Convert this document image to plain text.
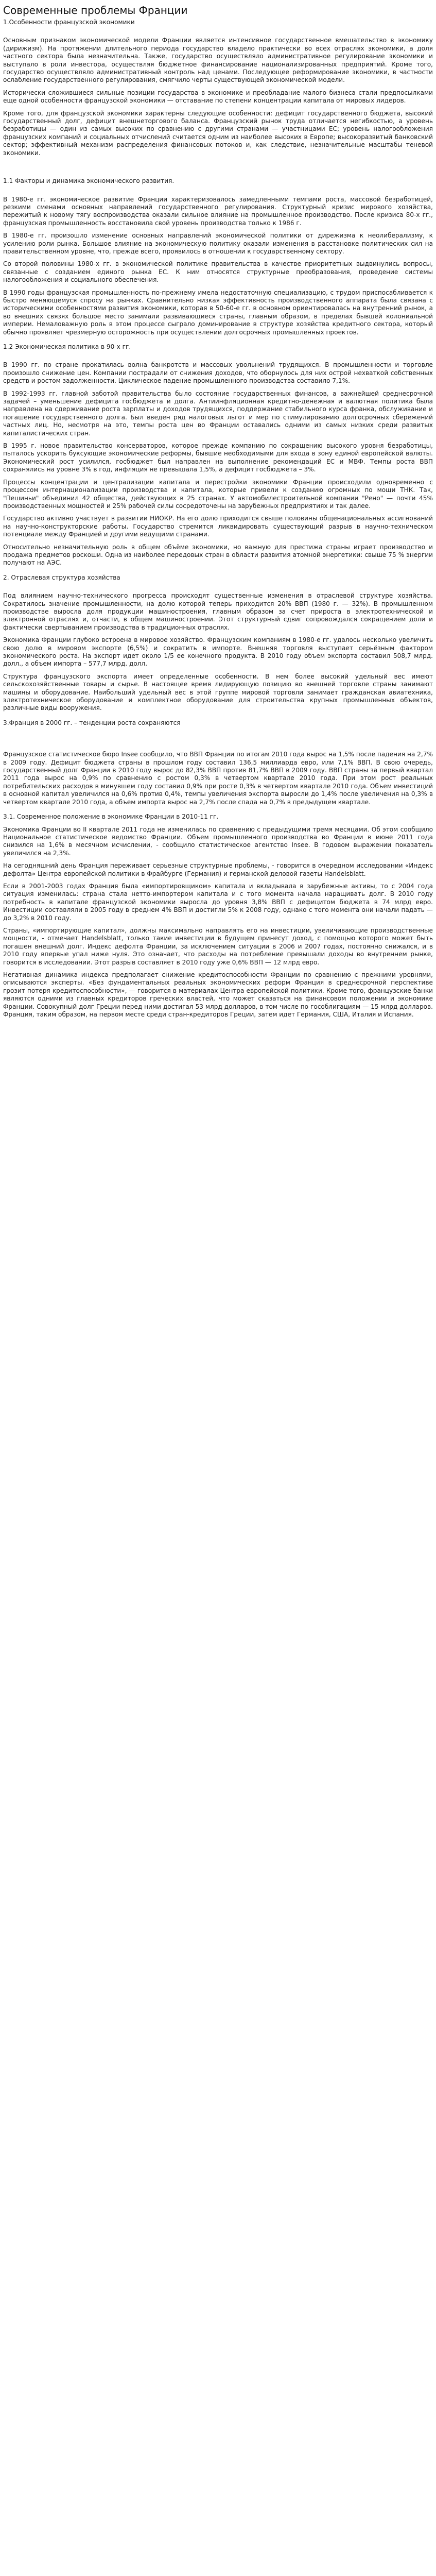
Современные проблемы Франции

1.Особенности французской экономики

Основным признаком экономической модели Франции является интенсивное государственное вмешательство в экономику (дирижизм). На протяжении длительного периода государство владело практически во всех отраслях экономики, а доля частного сектора была незначительна. Также, государство осуществляло административное регулирование экономики и выступало в роли инвестора, осуществляя бюджетное финансирование национализированных предприятий. Кроме того, государство осуществляло административный контроль над ценами. Последующее реформирование экономики, в частности ослабление государственного регулирования, смягчило черты существующей экономической модели.

Исторически сложившиеся сильные позиции государства в экономике и преобладание малого бизнеса стали предпосылками еще одной особенности французской экономики — отставание по степени концентрации капитала от мировых лидеров.

Кроме того, для французской экономики характерны следующие особенности: дефицит государственного бюджета, высокий государственный долг, дефицит внешнеторгового баланса. Французский рынок труда отличается негибкостью, а уровень безработицы — один из самых высоких по сравнению с другими странами — участницами ЕС; уровень налогообложения французских компаний и социальных отчислений считается одним из наиболее высоких в Европе; высокоразвитый банковский сектор; эффективный механизм распределения финансовых потоков и, как следствие, незначительные масштабы теневой экономики.

1.1 Факторы и динамика экономического развития.

В 1980-е гг. экономическое развитие Франции характеризовалось замедленными темпами роста, массовой безработицей, резкими сменами основных направлений государственного регулирования. Структурный кризис мирового хозяйства, пережитый к новому тягу воспроизводства оказали сильное влияние на промышленное производство. После кризиса 80-х гг., французская промышленность восстановила свой уровень производства только к 1986 г.

В 1980-е гг. произошло изменение основных направлений экономической политики от дирежизма к неолиберализму, к усилению роли рынка. Большое влияние на экономическую политику оказали изменения в расстановке политических сил на правительственном уровне, что, прежде всего, проявилось в отношении к государственному сектору.

Со второй половины 1980-х гг. в экономической политике правительства в качестве приоритетных выдвинулись вопросы, связанные с созданием единого рынка ЕС. К ним относятся структурные преобразования, проведение системы налогообложения и социального обеспечения.

В 1990 годы французская промышленность по-прежнему имела недостаточную специализацию, с трудом приспосабливается к быстро меняющемуся спросу на рынках. Сравнительно низкая эффективность производственного аппарата была связана с историческими особенностями развития экономики, которая в 50-60-е гг. в основном ориентировалась на внутренний рынок, а во внешних связях большое место занимали развивающиеся страны, главным образом, в пределах бывшей колониальной империи. Немаловажную роль в этом процессе сыграло доминирование в структуре хозяйства кредитного сектора, который обычно проявляет чрезмерную осторожность при осуществлении долгосрочных промышленных проектов.

1.2 Экономическая политика в 90-х гг.

В 1990 гг. по стране прокатилась волна банкротств и массовых увольнений трудящихся. В промышленности и торговле произошло снижение цен. Компании пострадали от снижения доходов, что оборнулось для них острой нехваткой собственных средств и ростом задолженности. Циклическое падение промышленного производства составило 7,1%.

В 1992-1993 гг. главной заботой правительства было состояние государственных финансов, а важнейшей среднесрочной задачей – уменьшение дефицита госбюджета и долга. Антиинфляционная кредитно-денежная и валютная политика была направлена на сдерживание роста зарплаты и доходов трудящихся, поддержание стабильного курса франка, обслуживание и погашение государственного долга. Был введен ряд налоговых льгот и мер по стимулированию долгосрочных сбережений частных лиц. Но, несмотря на это, темпы роста цен во Франции оставались одними из самых низких среди развитых капиталистических стран.

В 1995 г. новое правительство консерваторов, которое прежде компанию по сокращению высокого уровня безработицы, пыталось ускорить буксующие экономические реформы, бывшие необходимыми для входа в зону единой европейской валюты. Экономический рост усилился, госбюджет был направлен на выполнение рекомендаций ЕС и МВФ. Темпы роста ВВП сохранялись на уровне 3% в год, инфляция не превышала 1,5%, а дефицит госбюджета – 3%.

Процессы концентрации и централизации капитала и перестройки экономики Франции происходили одновременно с процессом интернационализации производства и капитала, которые привели к созданию огромных по мощи ТНК. Так, "Пешиньи" объединил 42 общества, действующих в 25 странах. У автомобилестроительной компании "Рено" — почти 45% производственных мощностей и 25% рабочей силы сосредоточены на зарубежных предприятиях и так далее.

Государство активно участвует в развитии НИОКР. На его долю приходится свыше половины общенациональных ассигнований на научно-конструкторские работы. Государство стремится ликвидировать существующий разрыв в научно-техническом потенциале между Францией и другими ведущими странами.

Относительно незначительную роль в общем объёме экономики, но важную для престижа страны играет производство и продажа предметов роскоши. Одна из наиболее передовых стран в области развития атомной энергетики: свыше 75 % энергии получают на АЭС.

2. Отраслевая структура хозяйства

Под влиянием научно-технического прогресса происходят существенные изменения в отраслевой структуре хозяйства. Сократилось значение промышленности, на долю которой теперь приходится 20% ВВП (1980 г. — 32%). В промышленном производстве выросла доля продукции машиностроения, главным образом за счет прироста в электротехнической и электронной отраслях и, отчасти, в общем машиностроении. Этот структурный сдвиг сопровождался сокращением доли и фактически свертыванием производства в традиционных отраслях.

Экономика Франции глубоко встроена в мировое хозяйство. Французским компаниям в 1980-е гг. удалось несколько увеличить свою долю в мировом экспорте (6,5%) и сократить в импорте. Внешняя торговля выступает серьёзным фактором экономического роста. На экспорт идет около 1/5 ее конечного продукта. В 2010 году объем экспорта составил 508,7 млрд. долл., а объем импорта – 577,7 млрд. долл.

Структура французского экспорта имеет определенные особенности. В нем более высокий удельный вес имеют сельскохозяйственные товары и сырье. В настоящее время лидирующую позицию во внешней торговле страны занимают машины и оборудование. Наибольший удельный вес в этой группе мировой торговли занимает гражданская авиатехника, электротехническое оборудование и комплектное оборудование для строительства крупных промышленных объектов, различные виды вооружения.

3.Франция в 2000 гг. – тенденции роста сохраняются

Французское статистическое бюро Insee сообщило, что ВВП Франции по итогам 2010 года вырос на 1,5% после падения на 2,7% в 2009 году. Дефицит бюджета страны в прошлом году составил 136,5 миллиарда евро, или 7,1% ВВП. В свою очередь, государственный долг Франции в 2010 году вырос до 82,3% ВВП против 81,7% ВВП в 2009 году. ВВП страны за первый квартал 2011 года вырос на 0,9% по сравнению с ростом 0,3% в четвертом квартале 2010 года. При этом рост реальных потребительских расходов в минувшем году составил 0,9% при росте 0,3% в четвертом квартале 2010 года. Объем инвестиций в основной капитал увеличился на 0,6% против 0,4%, темпы увеличения экспорта выросли до 1,4% после увеличения на 0,3% в четвертом квартале 2010 года, а объем импорта вырос на 2,7% после спада на 0,7% в предыдущем квартале.

3.1. Современное положение в экономике Франции в 2010-11 гг.

Экономика Франции во II квартале 2011 года не изменилась по сравнению с предыдущими тремя месяцами. Об этом сообщило Национальное статистическое ведомство Франции. Объем промышленного производства во Франции в июне 2011 года снизился на 1,6% в месячном исчислении, - сообщило статистическое агентство Insee. В годовом выражении показатель увеличился на 2,3%.

На сегодняшний день Франция переживает серьезные структурные проблемы, - говорится в очередном исследовании «Индекс дефолта» Центра европейской политики в Фрайбурге (Германия) и германской деловой газеты Handelsblatt.

Если в 2001-2003 годах Франция была «импортировщиком» капитала и вкладывала в зарубежные активы, то с 2004 года ситуация изменилась: страна стала нетто-импортером капитала и с того момента начала наращивать долг. В 2010 году потребность в капитале французской экономики выросла до уровня 3,8% ВВП с дефицитом бюджета в 74 млрд евро. Инвестиции составляли в 2005 году в среднем 4% ВВП и достигли 5% к 2008 году, однако с того момента они начали падать — до 3,2% в 2010 году.

Страны, «импортирующие капитал», должны максимально направлять его на инвестиции, увеличивающие производственные мощности, - отмечает Handelsblatt, только такие инвестиции в будущем принесут доход, с помощью которого может быть погашен внешний долг. Индекс дефолта Франции, за исключением ситуации в 2006 и 2007 годах, постоянно снижался, и в 2010 году впервые упал ниже нуля. Это означает, что расходы на потребление превышали доходы во внутреннем рынке, говорится в исследовании. Этот разрыв составляет в 2010 году уже 0,6% ВВП — 12 млрд евро.

Негативная динамика индекса предполагает снижение кредитоспособности Франции по сравнению с прежними уровнями, описываются эксперты. «Без фундаментальных реальных экономических реформ Франция в среднесрочной перспективе грозит потеря кредитоспособности», — говорится в материалах Центра европейской политики. Кроме того, французские банки являются одними из главных кредиторов греческих властей, что может сказаться на финансовом положении и экономике Франции. Совокупный долг Греции перед ними достигал 53 млрд долларов, в том числе по гособлигациям — 15 млрд долларов. Франция, таким образом, на первом месте среди стран-кредиторов Греции, затем идет Германия, США, Италия и Испания.
